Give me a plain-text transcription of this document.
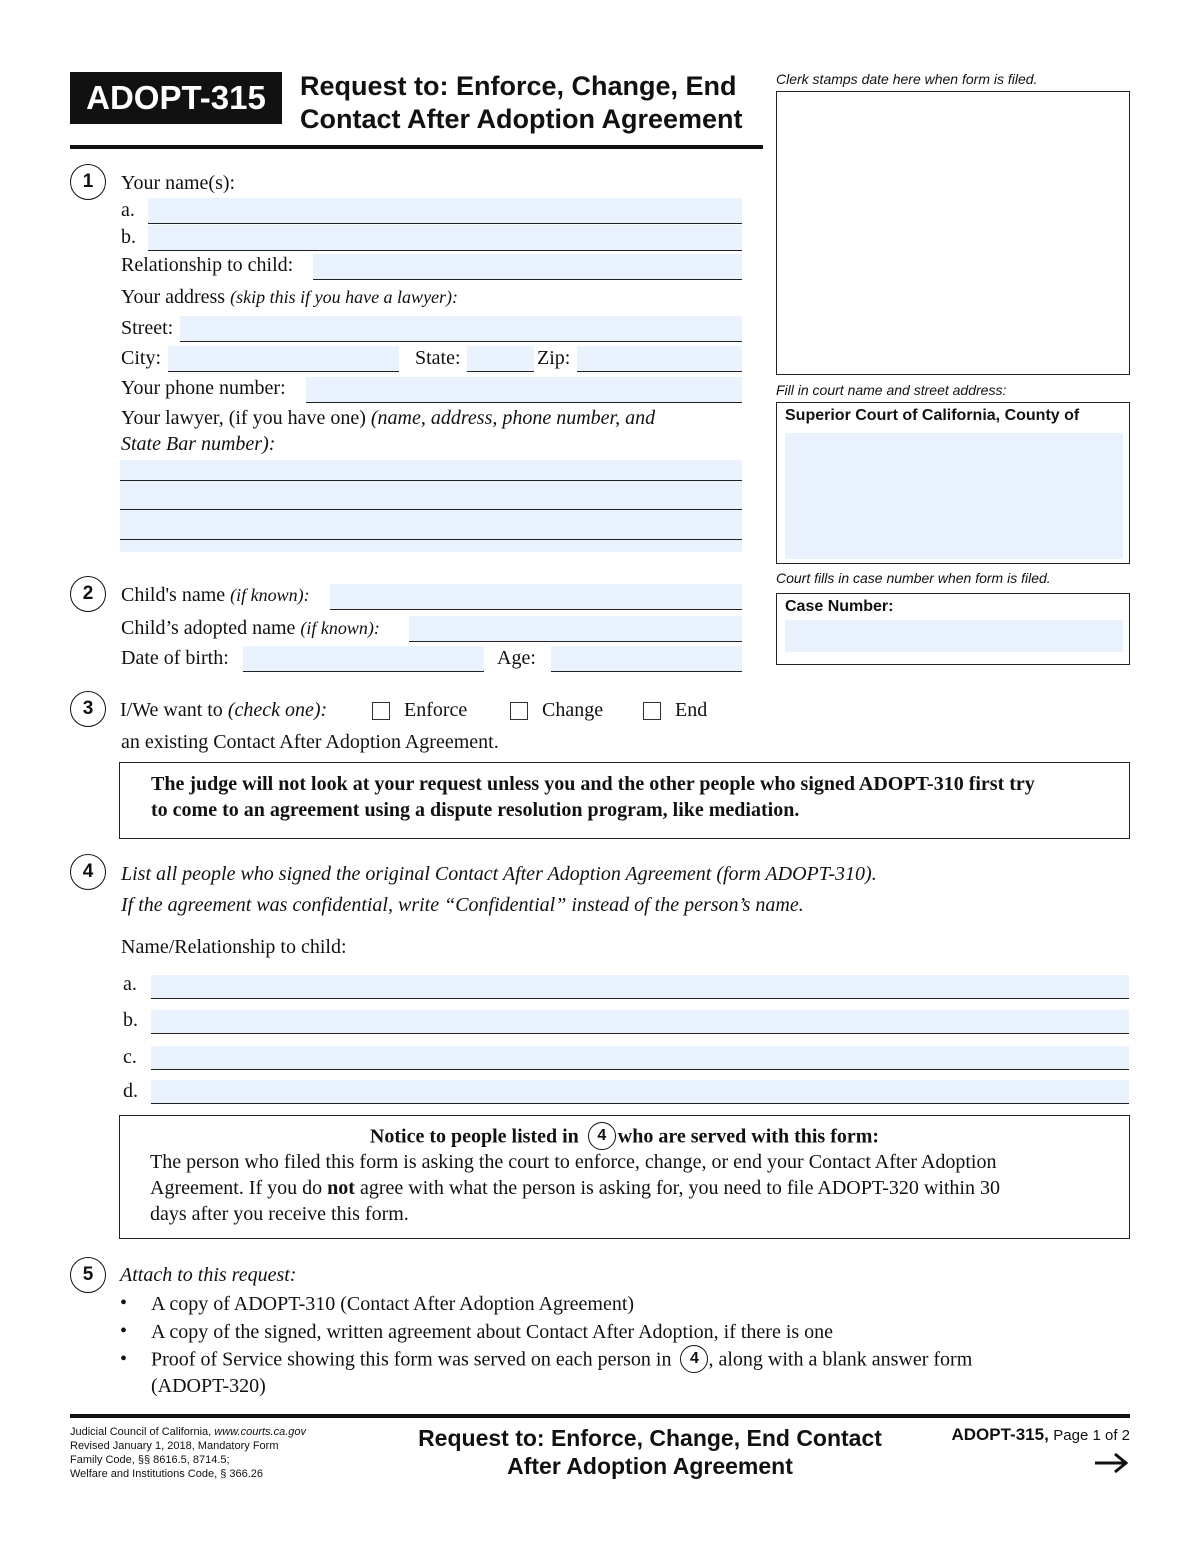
ADOPT-315 Request to: Enforce, Change, End
Contact After Adoption Agreement
Clerk stamps date here when form is filed.
Fill in court name and street address:
Superior Court of California, County of
Court fills in case number when form is filed.
Case Number:
1	Your name(s):
a.
b.
Relationship to child:
Your address (skip this if you have a lawyer):
Street:
City:	State:	Zip:
Your phone number:
Your lawyer, (if you have one) (name, address, phone number, and
State Bar number):
2	Child's name (if known):
Child’s adopted name (if known):
Date of birth:	Age:
3	I/We want to (check one):	Enforce	Change	End
an existing Contact After Adoption Agreement.
The judge will not look at your request unless you and the other people who signed ADOPT-310 first try
to come to an agreement using a dispute resolution program, like mediation.
4	List all people who signed the original Contact After Adoption Agreement (form ADOPT-310).
If the agreement was confidential, write “Confidential” instead of the person’s name.
Name/Relationship to child:
a.
b.
c.
d.
Notice to people listed in 4 who are served with this form:
The person who filed this form is asking the court to enforce, change, or end your Contact After Adoption
Agreement. If you do not agree with what the person is asking for, you need to file ADOPT-320 within 30
days after you receive this form.
5	Attach to this request:
• A copy of ADOPT-310 (Contact After Adoption Agreement)
• A copy of the signed, written agreement about Contact After Adoption, if there is one
• Proof of Service showing this form was served on each person in 4 , along with a blank answer form
(ADOPT-320)
Judicial Council of California, www.courts.ca.gov
Revised January 1, 2018, Mandatory Form
Family Code, §§ 8616.5, 8714.5;
Welfare and Institutions Code, § 366.26
Request to: Enforce, Change, End Contact
After Adoption Agreement
ADOPT-315, Page 1 of 2
